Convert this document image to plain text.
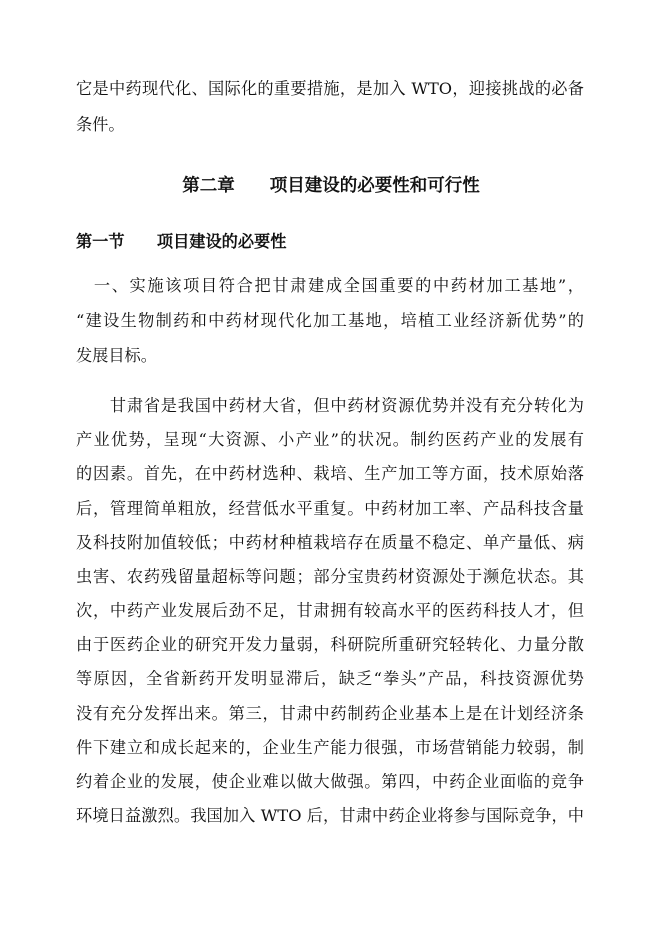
它是中药现代化、国际化的重要措施，是加入 WTO，迎接挑战的必备
条件。
第二章　　项目建设的必要性和可行性
第一节　　项目建设的必要性
　一、实施该项目符合把甘肃建成全国重要的中药材加工基地”，
“建设生物制药和中药材现代化加工基地，培植工业经济新优势”的
发展目标。
　　甘肃省是我国中药材大省，但中药材资源优势并没有充分转化为
产业优势，呈现“大资源、小产业”的状况。制约医药产业的发展有
的因素。首先，在中药材选种、栽培、生产加工等方面，技术原始落
后，管理简单粗放，经营低水平重复。中药材加工率、产品科技含量
及科技附加值较低；中药材种植栽培存在质量不稳定、单产量低、病
虫害、农药残留量超标等问题；部分宝贵药材资源处于濒危状态。其
次，中药产业发展后劲不足，甘肃拥有较高水平的医药科技人才，但
由于医药企业的研究开发力量弱，科研院所重研究轻转化、力量分散
等原因，全省新药开发明显滞后，缺乏“拳头”产品，科技资源优势
没有充分发挥出来。第三，甘肃中药制药企业基本上是在计划经济条
件下建立和成长起来的，企业生产能力很强，市场营销能力较弱，制
约着企业的发展，使企业难以做大做强。第四，中药企业面临的竞争
环境日益激烈。我国加入 WTO 后，甘肃中药企业将参与国际竞争，中
